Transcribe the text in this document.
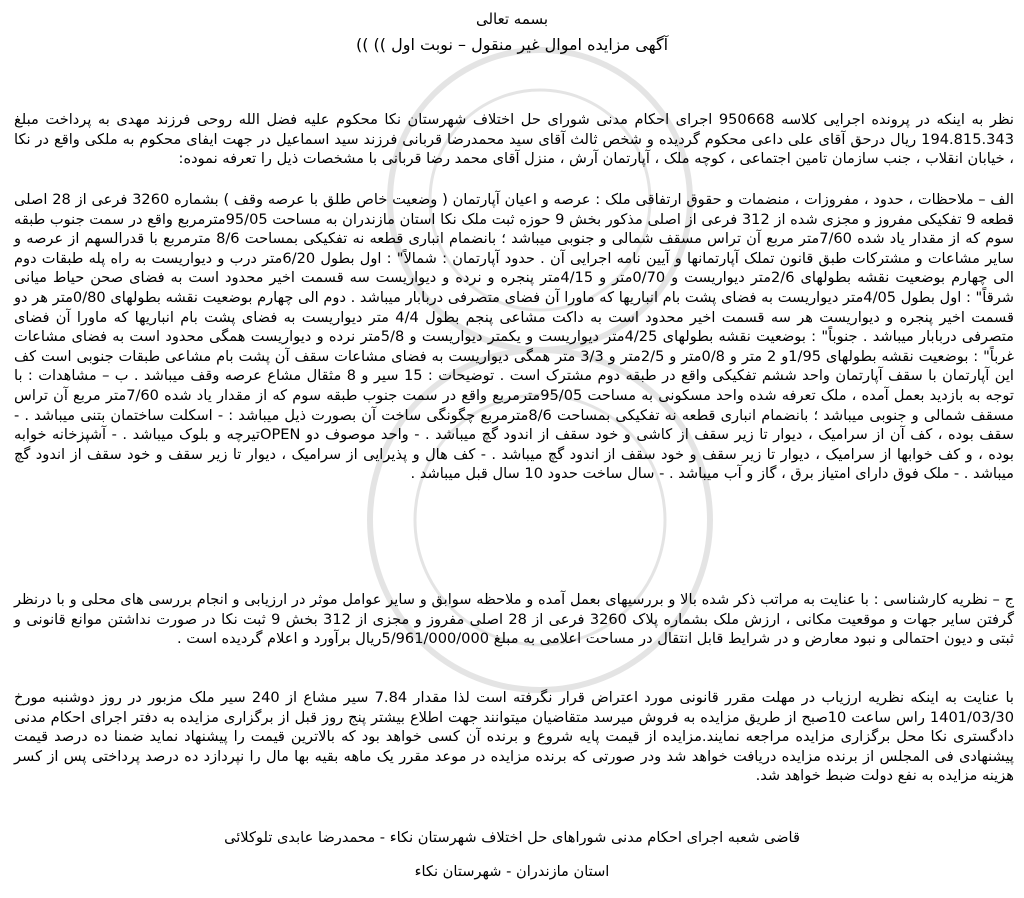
بسمه تعالی
آگهی مزایده اموال غیر منقول – نوبت اول )) ))

نظر به اینکه در پرونده اجرایی کلاسه 950668 اجرای احکام مدنی شورای حل اختلاف شهرستان نکا محکوم علیه فضل الله روحی فرزند مهدی به پرداخت مبلغ 194.815.343 ریال درحق آقای علی داعی محکوم گردیده و شخص ثالث آقای سید محمدرضا قربانی فرزند سید اسماعیل در جهت ایفای محکوم به ملکی واقع در نکا ، خیابان انقلاب ، جنب سازمان تامین اجتماعی ، کوچه ملک ، آپارتمان آرش ، منزل آقای محمد رضا قربانی با مشخصات ذیل را تعرفه نموده:

الف – ملاحظات ، حدود ، مفروزات ، منضمات و حقوق ارتفاقی ملک : عرصه و اعیان آپارتمان ( وضعیت خاص طلق با عرصه وقف ) بشماره 3260 فرعی از 28 اصلی قطعه 9 تفکیکی مفروز و مجزی شده از 312 فرعی از اصلی مذکور بخش 9 حوزه ثبت ملک نکا استان مازندران به مساحت 95/05مترمربع واقع در سمت جنوب طبقه سوم که از مقدار یاد شده 7/60متر مربع آن تراس مسقف شمالی و جنوبی میباشد ؛ بانضمام انباری قطعه نه تفکیکی بمساحت 8/6 مترمربع با قدرالسهم از عرصه و سایر مشاعات و مشترکات طبق قانون تملک آپارتمانها و آیین نامه اجرایی آن . حدود آپارتمان : شمالاً" : اول بطول 6/20متر درب و دیواریست به راه پله طبقات دوم الی چهارم بوضعیت نقشه بطولهای 2/6متر دیواریست و 0/70متر و 4/15متر پنجره و نرده و دیواریست سه قسمت اخیر محدود است به فضای صحن حیاط میانی شرقاً" : اول بطول 4/05متر دیواریست به فضای پشت بام انباریها که ماورا آن فضای متصرفی دربابار میباشد . دوم الی چهارم بوضعیت نقشه بطولهای 0/80متر هر دو قسمت اخیر پنجره و دیواریست هر سه قسمت اخیر محدود است به داکت مشاعی پنجم بطول 4/4 متر دیواریست به فضای پشت بام انباریها که ماورا آن فضای متصرفی دربابار میباشد . جنوباً" : بوضعیت نقشه بطولهای 4/25متر دیواریست و یکمتر دیواریست و 5/8متر نرده و دیواریست همگی محدود است به فضای مشاعات غرباً" : بوضعیت نقشه بطولهای 1/95و 2 متر و 0/8متر و 2/5متر و 3/3 متر همگی دیواریست به فضای مشاعات سقف آن پشت بام مشاعی طبقات جنوبی است کف این آپارتمان با سقف آپارتمان واحد ششم تفکیکی واقع در طبقه دوم مشترک است . توضیحات : 15 سیر و 8 مثقال مشاع عرصه وقف میباشد . ب – مشاهدات : با توجه به بازدید بعمل آمده ، ملک تعرفه شده واحد مسکونی به مساحت 95/05مترمربع واقع در سمت جنوب طبقه سوم که از مقدار یاد شده 7/60متر مربع آن تراس مسقف شمالی و جنوبی میباشد ؛ بانضمام انباری قطعه نه تفکیکی بمساحت 8/6مترمربع چگونگی ساخت آن بصورت ذیل میباشد : - اسکلت ساختمان بتنی میباشد . - سقف بوده ، کف آن از سرامیک ، دیوار تا زیر سقف از کاشی و خود سقف از اندود گچ میباشد . - واحد موصوف دو OPENتیرچه و بلوک میباشد . - آشپزخانه خوابه بوده ، و کف خوابها از سرامیک ، دیوار تا زیر سقف و خود سقف از اندود گچ میباشد . - کف هال و پذیرایی از سرامیک ، دیوار تا زیر سقف و خود سقف از اندود گچ میباشد . - ملک فوق دارای امتیاز برق ، گاز و آب میباشد . - سال ساخت حدود 10 سال قبل میباشد .

ج – نظریه کارشناسی : با عنایت به مراتب ذکر شده بالا و بررسیهای بعمل آمده و ملاحظه سوابق و سایر عوامل موثر در ارزیابی و انجام بررسی های محلی و با درنظر گرفتن سایر جهات و موقعیت مکانی ، ارزش ملک بشماره پلاک 3260 فرعی از 28 اصلی مفروز و مجزی از 312 بخش 9 ثبت نکا در صورت نداشتن موانع قانونی و ثبتی و دیون احتمالی و نبود معارض و در شرایط قابل انتقال در مساحت اعلامی به مبلغ 5/961/000/000ریال برآورد و اعلام گردیده است .

با عنایت به اینکه نظریه ارزیاب در مهلت مقرر قانونی مورد اعتراض قرار نگرفته است لذا مقدار 7.84 سیر مشاع از 240 سیر ملک مزبور در روز دوشنبه مورخ 1401/03/30 راس ساعت 10صبح از طریق مزایده به فروش میرسد متقاضیان میتوانند جهت اطلاع بیشتر پنج روز قبل از برگزاری مزایده به دفتر اجرای احکام مدنی دادگستری نکا محل برگزاری مزایده مراجعه نمایند.مزایده از قیمت پایه شروع و برنده آن کسی خواهد بود که بالاترین قیمت را پیشنهاد نماید ضمنا ده درصد قیمت پیشنهادی فی المجلس از برنده مزایده دریافت خواهد شد ودر صورتی که برنده مزایده در موعد مقرر یک ماهه بقیه بها مال را نپردازد ده درصد پرداختی پس از کسر هزینه مزایده به نفع دولت ضبط خواهد شد.

قاضی شعبه اجرای احکام مدنی شوراهای حل اختلاف شهرستان نکاء - محمدرضا عابدی تلوکلائی
استان مازندران - شهرستان نکاء
